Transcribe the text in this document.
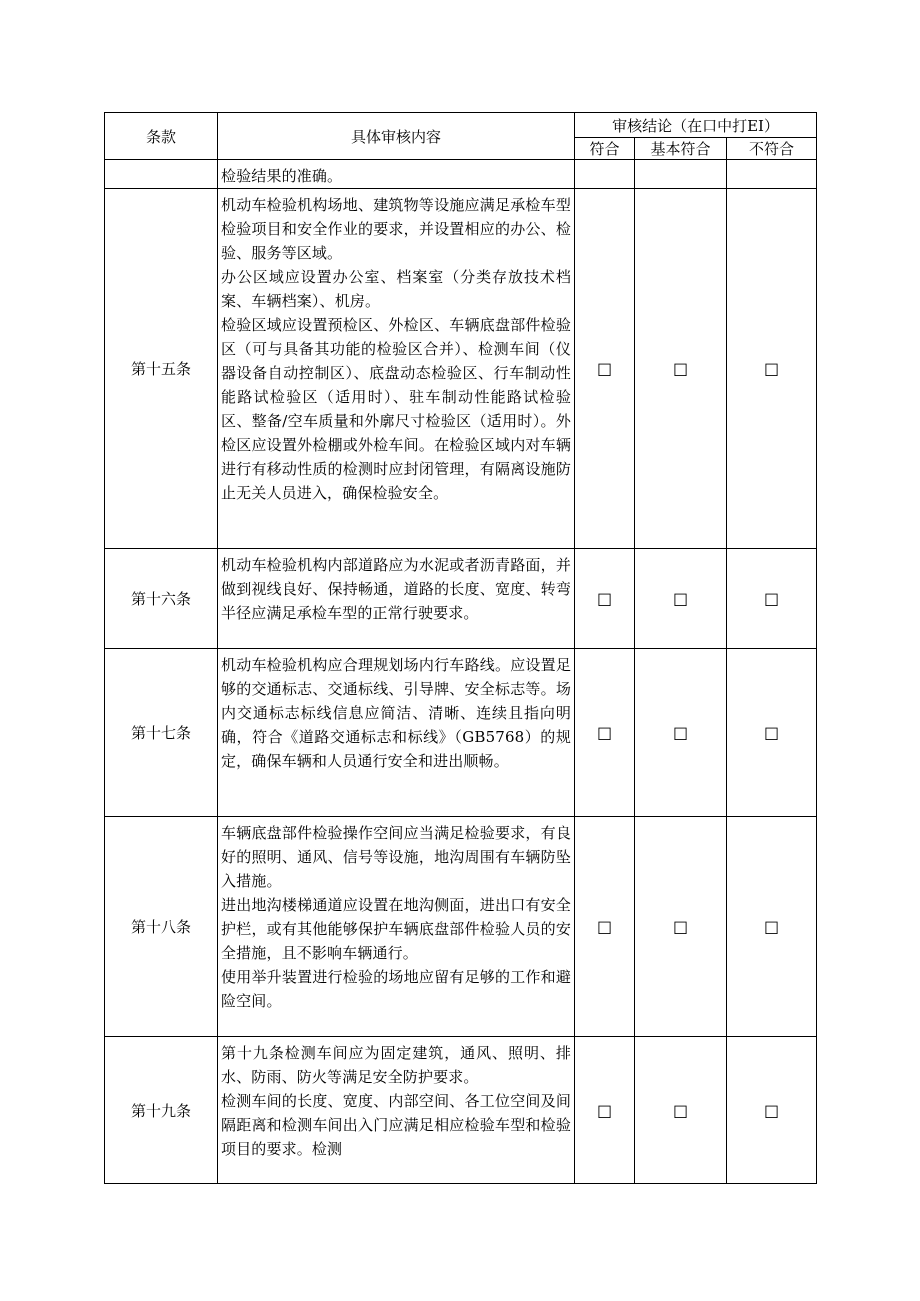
条款	具体审核内容	审核结论（在口中打EI）		
		符合	基本符合	不符合

	检验结果的准确。			

第十五条	机动车检验机构场地、建筑物等设施应满足承检车型检验项目和安全作业的要求，并设置相应的办公、检验、服务等区域。

办公区域应设置办公室、档案室（分类存放技术档案、车辆档案）、机房。

检验区域应设置预检区、外检区、车辆底盘部件检验区（可与具备其功能的检验区合并）、检测车间（仪器设备自动控制区）、底盘动态检验区、行车制动性能路试检验区（适用时）、驻车制动性能路试检验区、整备/空车质量和外廓尺寸检验区（适用时）。外检区应设置外检棚或外检车间。在检验区域内对车辆进行有移动性质的检测时应封闭管理，有隔离设施防止无关人员进入，确保检验安全。	□	□	□
第十六条	机动车检验机构内部道路应为水泥或者沥青路面，并做到视线良好、保持畅通，道路的长度、宽度、转弯半径应满足承检车型的正常行驶要求。	□	□	□
第十七条	机动车检验机构应合理规划场内行车路线。应设置足够的交通标志、交通标线、引导牌、安全标志等。场内交通标志标线信息应简洁、清晰、连续且指向明确，符合《道路交通标志和标线》（GB5768）的规定，确保车辆和人员通行安全和进出顺畅。	□	□	□
第十八条	车辆底盘部件检验操作空间应当满足检验要求，有良好的照明、通风、信号等设施，地沟周围有车辆防坠入措施。

进出地沟楼梯通道应设置在地沟侧面，进出口有安全护栏，或有其他能够保护车辆底盘部件检验人员的安全措施，且不影响车辆通行。

使用举升装置进行检验的场地应留有足够的工作和避险空间。	□	□	□
第十九条	第十九条检测车间应为固定建筑，通风、照明、排水、防雨、防火等满足安全防护要求。

检测车间的长度、宽度、内部空间、各工位空间及间隔距离和检测车间出入门应满足相应检验车型和检验项目的要求。检测	□	□	□
